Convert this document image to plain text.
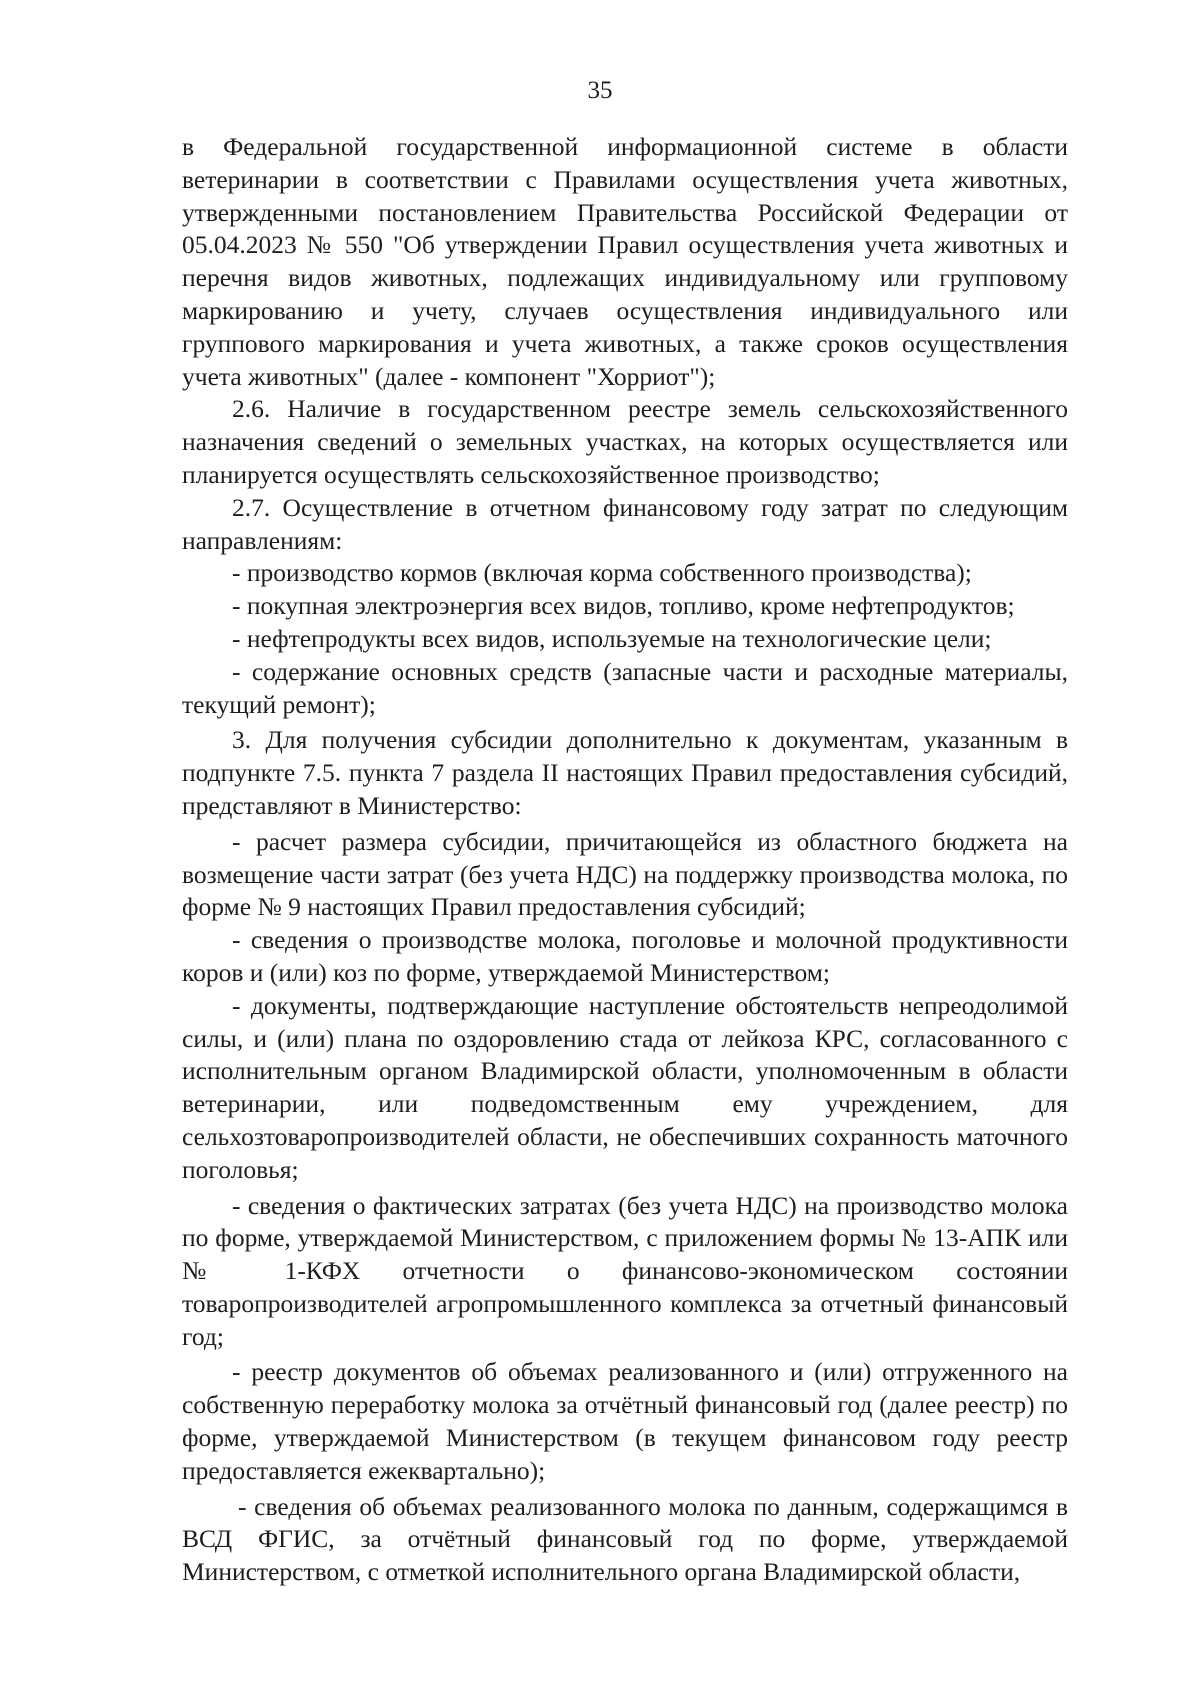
35

в Федеральной государственной информационной системе в области ветеринарии в соответствии с Правилами осуществления учета животных, утвержденными постановлением Правительства Российской Федерации от 05.04.2023 № 550 "Об утверждении Правил осуществления учета животных и перечня видов животных, подлежащих индивидуальному или групповому маркированию и учету, случаев осуществления индивидуального или группового маркирования и учета животных, а также сроков осуществления учета животных" (далее - компонент "Хорриот");

2.6. Наличие в государственном реестре земель сельскохозяйственного назначения сведений о земельных участках, на которых осуществляется или планируется осуществлять сельскохозяйственное производство;

2.7. Осуществление в отчетном финансовому году затрат по следующим направлениям:

- производство кормов (включая корма собственного производства);

- покупная электроэнергия всех видов, топливо, кроме нефтепродуктов;

- нефтепродукты всех видов, используемые на технологические цели;

- содержание основных средств (запасные части и расходные материалы, текущий ремонт);

3. Для получения субсидии дополнительно к документам, указанным в подпункте 7.5. пункта 7 раздела II настоящих Правил предоставления субсидий, представляют в Министерство:

- расчет размера субсидии, причитающейся из областного бюджета на возмещение части затрат (без учета НДС) на поддержку производства молока, по форме № 9 настоящих Правил предоставления субсидий;

- сведения о производстве молока, поголовье и молочной продуктивности коров и (или) коз по форме, утверждаемой Министерством;

- документы, подтверждающие наступление обстоятельств непреодолимой силы, и (или) плана по оздоровлению стада от лейкоза КРС, согласованного с исполнительным органом Владимирской области, уполномоченным в области ветеринарии, или подведомственным ему учреждением, для сельхозтоваропроизводителей области, не обеспечивших сохранность маточного поголовья;

- сведения о фактических затратах (без учета НДС) на производство молока по форме, утверждаемой Министерством, с приложением формы № 13-АПК или № 1-КФХ отчетности о финансово-экономическом состоянии товаропроизводителей агропромышленного комплекса за отчетный финансовый год;

- реестр документов об объемах реализованного и (или) отгруженного на собственную переработку молока за отчётный финансовый год (далее реестр) по форме, утверждаемой Министерством (в текущем финансовом году реестр предоставляется ежеквартально);

- сведения об объемах реализованного молока по данным, содержащимся в ВСД ФГИС, за отчётный финансовый год по форме, утверждаемой Министерством, с отметкой исполнительного органа Владимирской области,
